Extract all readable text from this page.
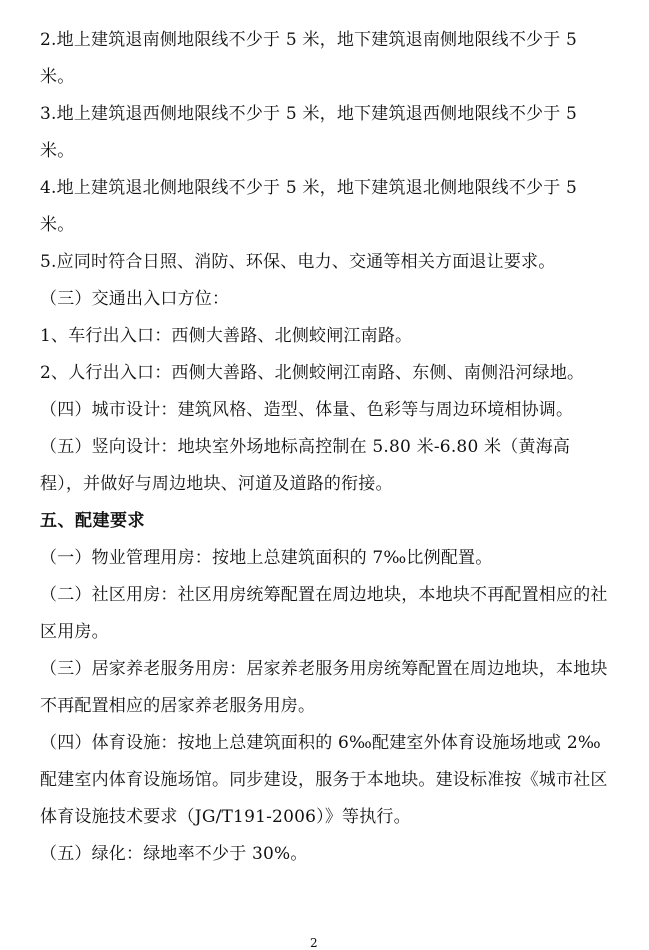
2.地上建筑退南侧地限线不少于 5 米，地下建筑退南侧地限线不少于 5 米。

3.地上建筑退西侧地限线不少于 5 米，地下建筑退西侧地限线不少于 5 米。

4.地上建筑退北侧地限线不少于 5 米，地下建筑退北侧地限线不少于 5 米。

5.应同时符合日照、消防、环保、电力、交通等相关方面退让要求。

（三）交通出入口方位：

1、车行出入口：西侧大善路、北侧蛟闸江南路。

2、人行出入口：西侧大善路、北侧蛟闸江南路、东侧、南侧沿河绿地。

（四）城市设计：建筑风格、造型、体量、色彩等与周边环境相协调。

（五）竖向设计：地块室外场地标高控制在 5.80 米-6.80 米（黄海高程），并做好与周边地块、河道及道路的衔接。

五、配建要求

（一）物业管理用房：按地上总建筑面积的 7‰比例配置。

（二）社区用房：社区用房统筹配置在周边地块，本地块不再配置相应的社区用房。

（三）居家养老服务用房：居家养老服务用房统筹配置在周边地块，本地块不再配置相应的居家养老服务用房。

（四）体育设施：按地上总建筑面积的 6‰配建室外体育设施场地或 2‰配建室内体育设施场馆。同步建设，服务于本地块。建设标准按《城市社区体育设施技术要求（JG/T191-2006）》等执行。

（五）绿化：绿地率不少于 30%。

2
